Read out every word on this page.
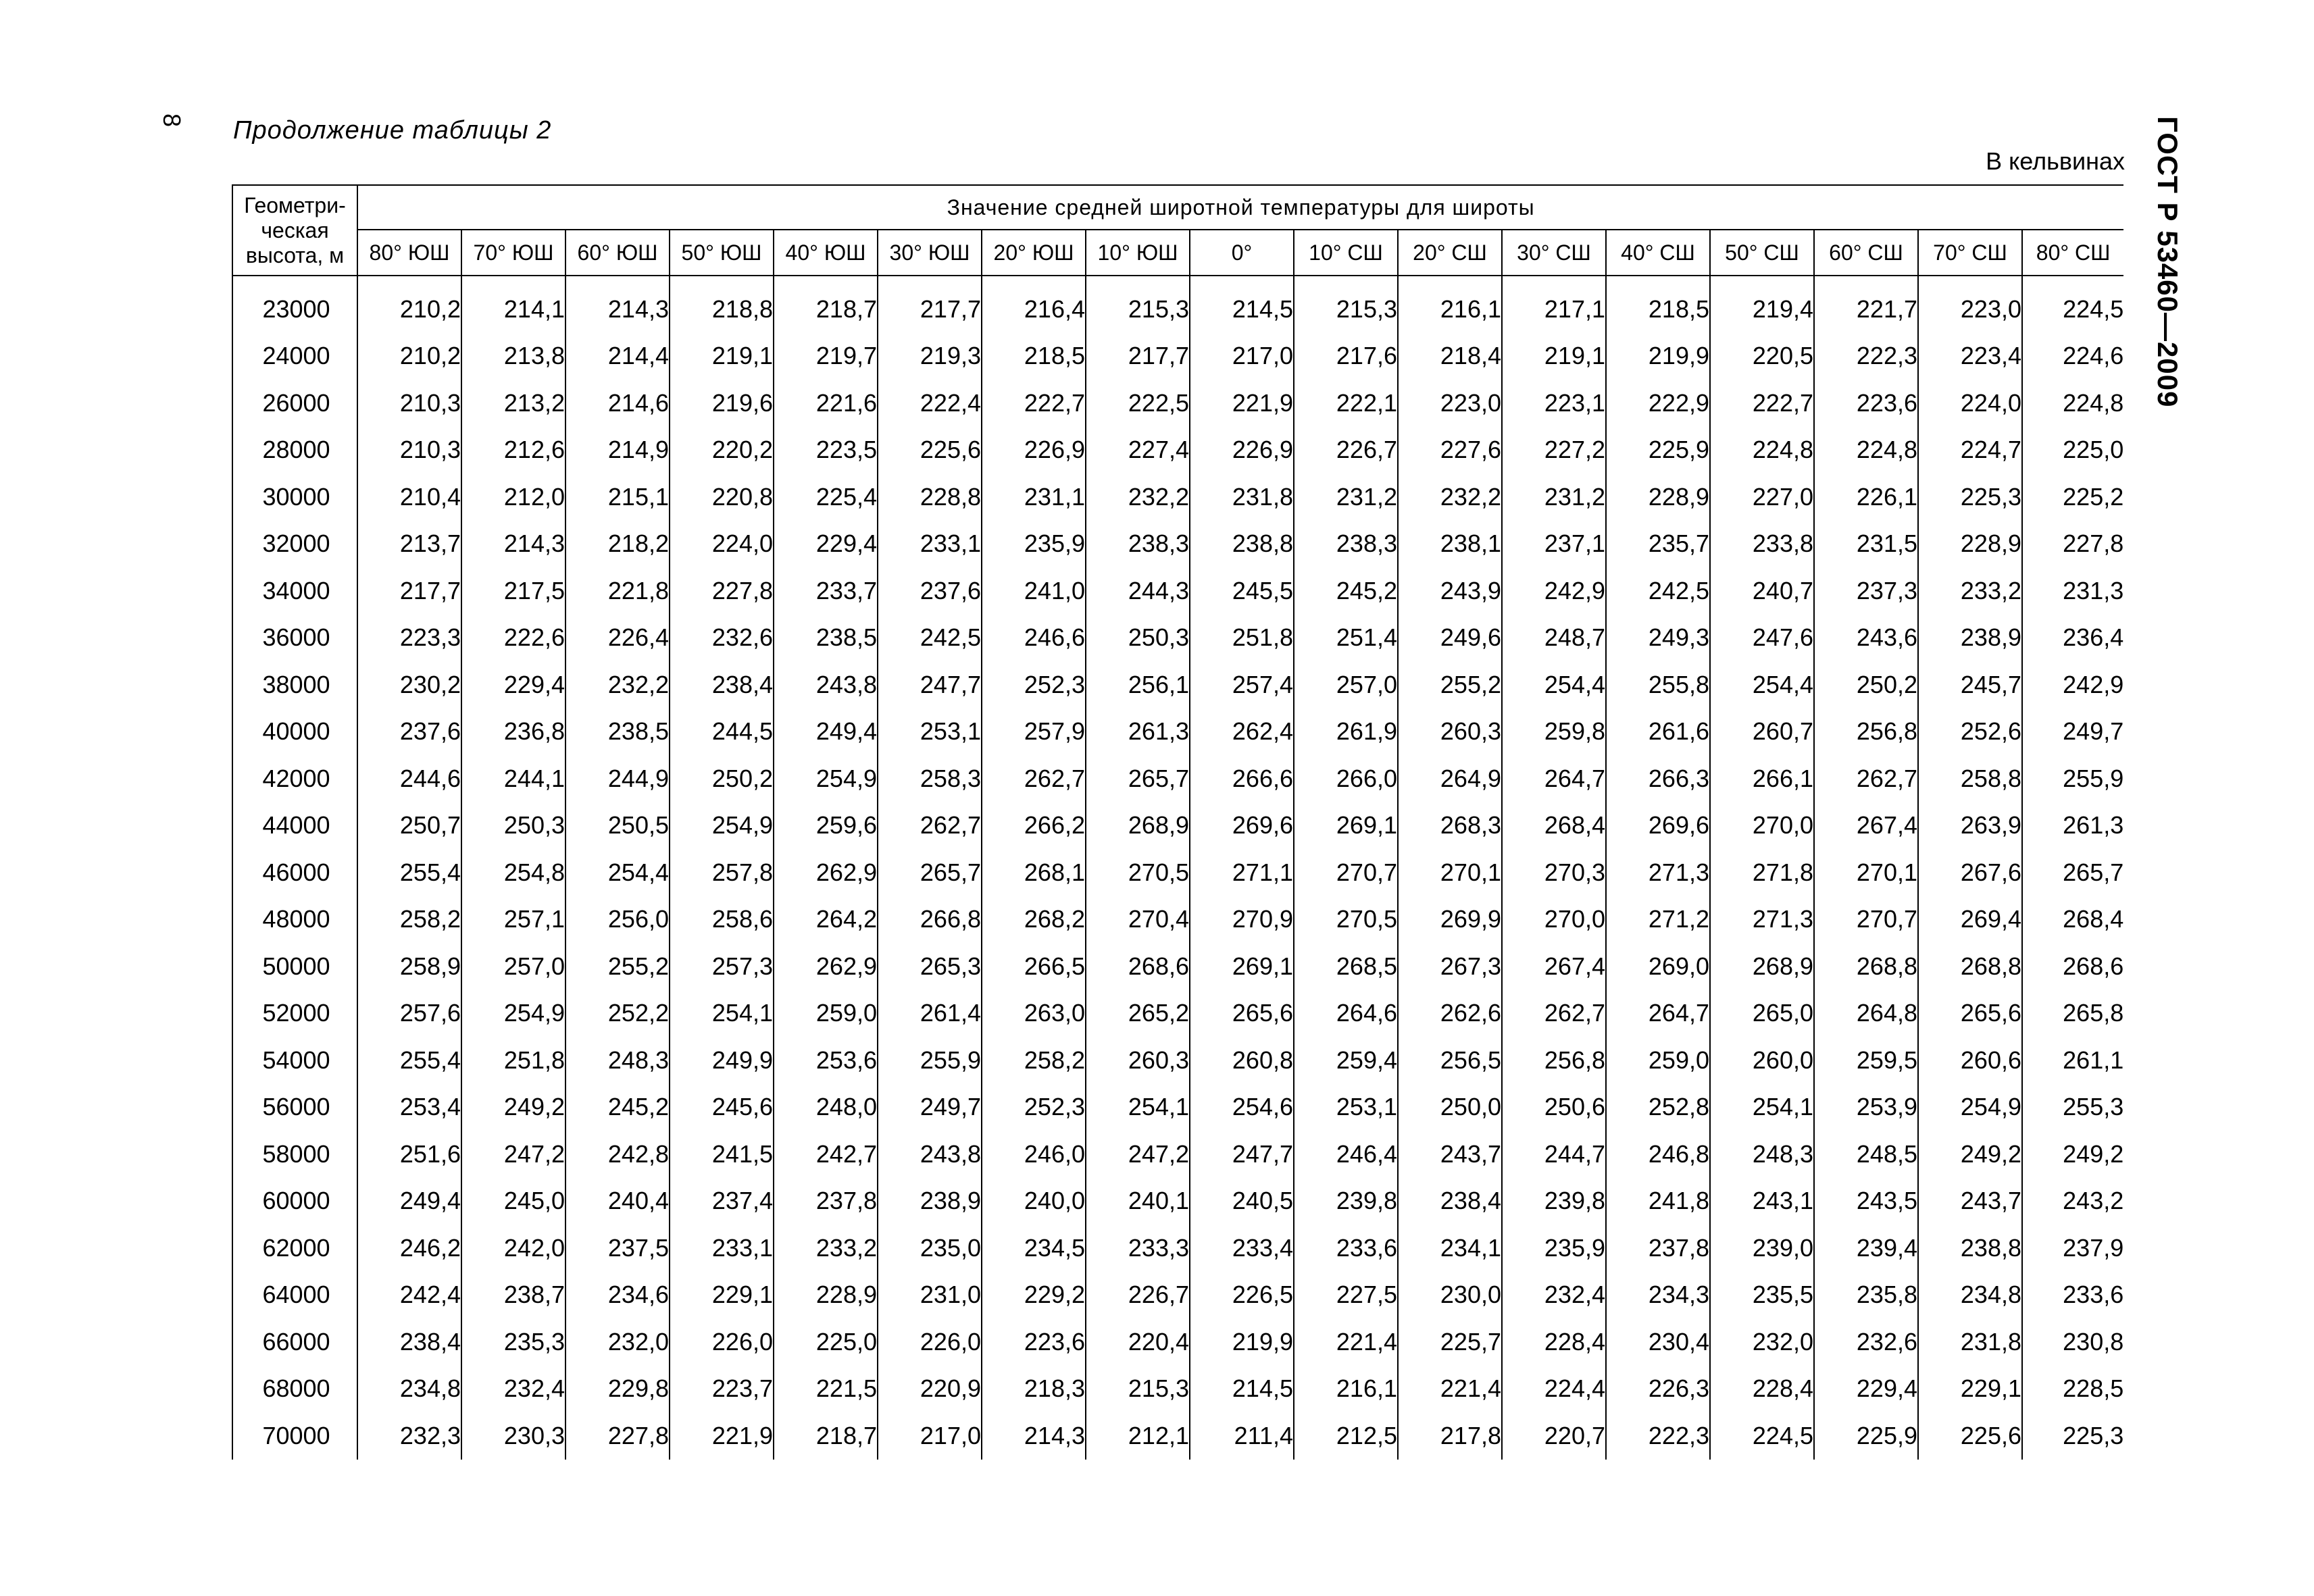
8 Продолжение таблицы 2
В кельвинах ГОСТ Р 53460—2009
Геометри-
ческая
высота, м	Значение средней широтной температуры для широты																
	80° ЮШ	70° ЮШ	60° ЮШ	50° ЮШ	40° ЮШ	30° ЮШ	20° ЮШ	10° ЮШ	0°	10° СШ	20° СШ	30° СШ	40° СШ	50° СШ	60° СШ	70° СШ	80° СШ

23000	210,2	214,1	214,3	218,8	218,7	217,7	216,4	215,3	214,5	215,3	216,1	217,1	218,5	219,4	221,7	223,0	224,5
24000	210,2	213,8	214,4	219,1	219,7	219,3	218,5	217,7	217,0	217,6	218,4	219,1	219,9	220,5	222,3	223,4	224,6
26000	210,3	213,2	214,6	219,6	221,6	222,4	222,7	222,5	221,9	222,1	223,0	223,1	222,9	222,7	223,6	224,0	224,8
28000	210,3	212,6	214,9	220,2	223,5	225,6	226,9	227,4	226,9	226,7	227,6	227,2	225,9	224,8	224,8	224,7	225,0
30000	210,4	212,0	215,1	220,8	225,4	228,8	231,1	232,2	231,8	231,2	232,2	231,2	228,9	227,0	226,1	225,3	225,2
32000	213,7	214,3	218,2	224,0	229,4	233,1	235,9	238,3	238,8	238,3	238,1	237,1	235,7	233,8	231,5	228,9	227,8
34000	217,7	217,5	221,8	227,8	233,7	237,6	241,0	244,3	245,5	245,2	243,9	242,9	242,5	240,7	237,3	233,2	231,3
36000	223,3	222,6	226,4	232,6	238,5	242,5	246,6	250,3	251,8	251,4	249,6	248,7	249,3	247,6	243,6	238,9	236,4
38000	230,2	229,4	232,2	238,4	243,8	247,7	252,3	256,1	257,4	257,0	255,2	254,4	255,8	254,4	250,2	245,7	242,9
40000	237,6	236,8	238,5	244,5	249,4	253,1	257,9	261,3	262,4	261,9	260,3	259,8	261,6	260,7	256,8	252,6	249,7
42000	244,6	244,1	244,9	250,2	254,9	258,3	262,7	265,7	266,6	266,0	264,9	264,7	266,3	266,1	262,7	258,8	255,9
44000	250,7	250,3	250,5	254,9	259,6	262,7	266,2	268,9	269,6	269,1	268,3	268,4	269,6	270,0	267,4	263,9	261,3
46000	255,4	254,8	254,4	257,8	262,9	265,7	268,1	270,5	271,1	270,7	270,1	270,3	271,3	271,8	270,1	267,6	265,7
48000	258,2	257,1	256,0	258,6	264,2	266,8	268,2	270,4	270,9	270,5	269,9	270,0	271,2	271,3	270,7	269,4	268,4
50000	258,9	257,0	255,2	257,3	262,9	265,3	266,5	268,6	269,1	268,5	267,3	267,4	269,0	268,9	268,8	268,8	268,6
52000	257,6	254,9	252,2	254,1	259,0	261,4	263,0	265,2	265,6	264,6	262,6	262,7	264,7	265,0	264,8	265,6	265,8
54000	255,4	251,8	248,3	249,9	253,6	255,9	258,2	260,3	260,8	259,4	256,5	256,8	259,0	260,0	259,5	260,6	261,1
56000	253,4	249,2	245,2	245,6	248,0	249,7	252,3	254,1	254,6	253,1	250,0	250,6	252,8	254,1	253,9	254,9	255,3
58000	251,6	247,2	242,8	241,5	242,7	243,8	246,0	247,2	247,7	246,4	243,7	244,7	246,8	248,3	248,5	249,2	249,2
60000	249,4	245,0	240,4	237,4	237,8	238,9	240,0	240,1	240,5	239,8	238,4	239,8	241,8	243,1	243,5	243,7	243,2
62000	246,2	242,0	237,5	233,1	233,2	235,0	234,5	233,3	233,4	233,6	234,1	235,9	237,8	239,0	239,4	238,8	237,9
64000	242,4	238,7	234,6	229,1	228,9	231,0	229,2	226,7	226,5	227,5	230,0	232,4	234,3	235,5	235,8	234,8	233,6
66000	238,4	235,3	232,0	226,0	225,0	226,0	223,6	220,4	219,9	221,4	225,7	228,4	230,4	232,0	232,6	231,8	230,8
68000	234,8	232,4	229,8	223,7	221,5	220,9	218,3	215,3	214,5	216,1	221,4	224,4	226,3	228,4	229,4	229,1	228,5
70000	232,3	230,3	227,8	221,9	218,7	217,0	214,3	212,1	211,4	212,5	217,8	220,7	222,3	224,5	225,9	225,6	225,3
